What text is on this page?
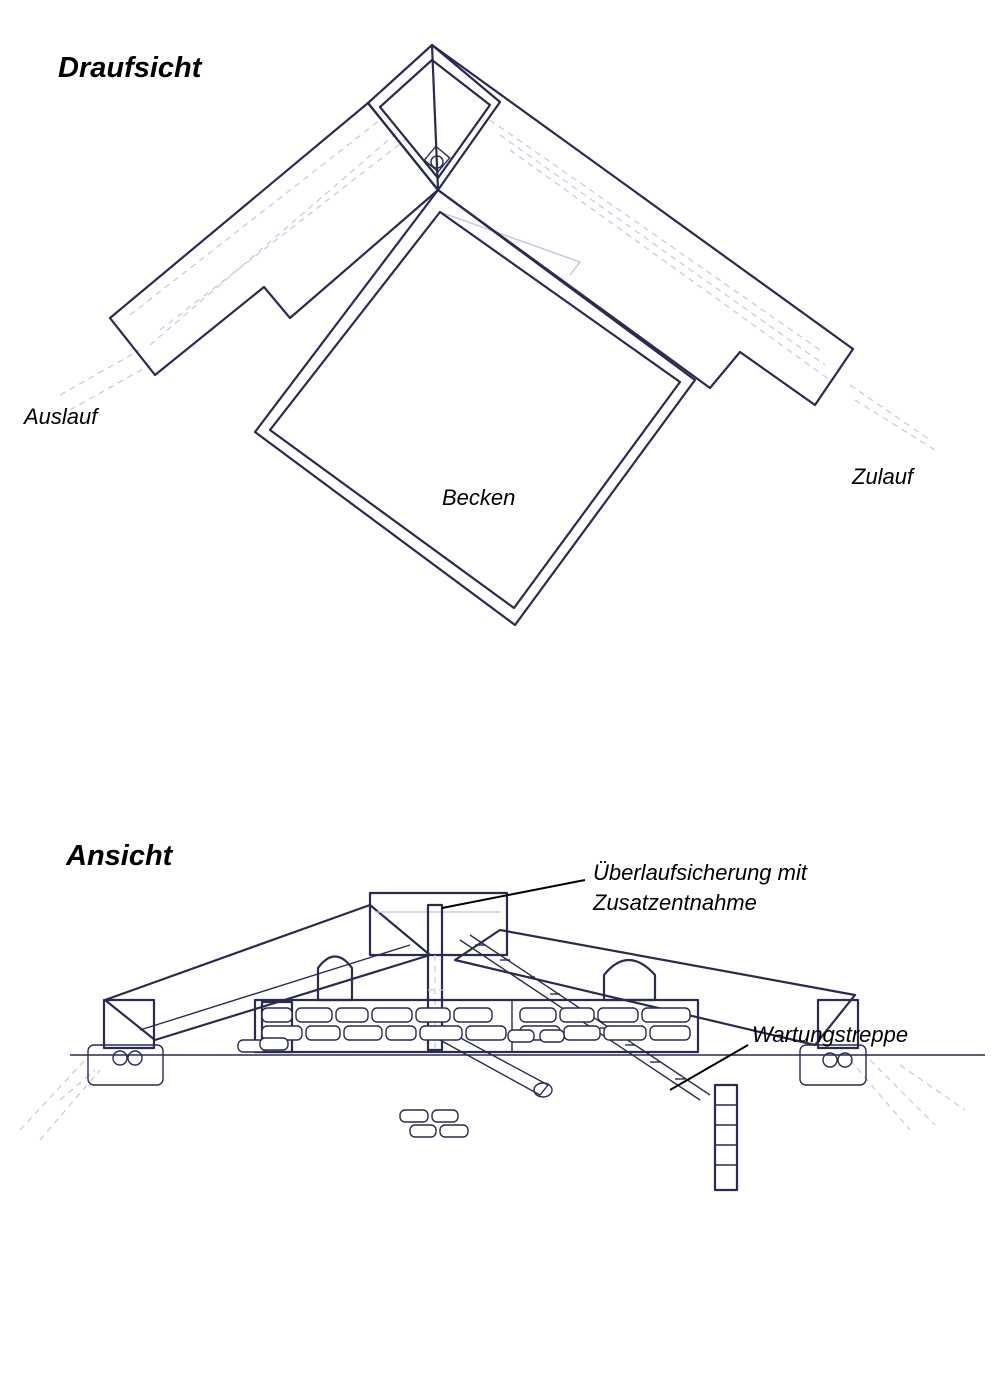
Draufsicht
Ansicht
Auslauf
Becken
Zulauf
Überlaufsicherung mit
Zusatzentnahme
Wartungstreppe
